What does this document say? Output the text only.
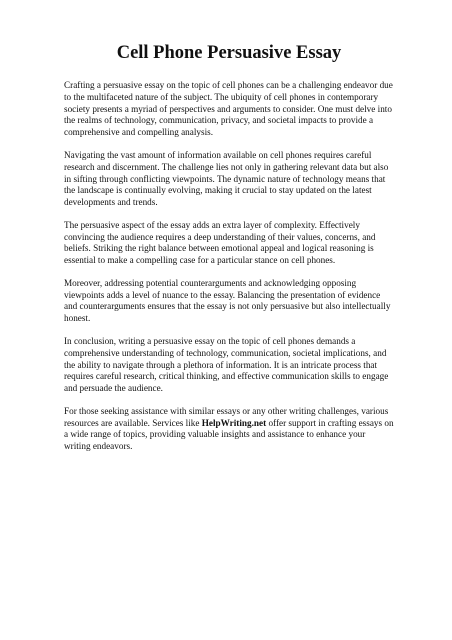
Cell Phone Persuasive Essay

Crafting a persuasive essay on the topic of cell phones can be a challenging endeavor due to the multifaceted nature of the subject. The ubiquity of cell phones in contemporary society presents a myriad of perspectives and arguments to consider. One must delve into the realms of technology, communication, privacy, and societal impacts to provide a comprehensive and compelling analysis.

Navigating the vast amount of information available on cell phones requires careful research and discernment. The challenge lies not only in gathering relevant data but also in sifting through conflicting viewpoints. The dynamic nature of technology means that the landscape is continually evolving, making it crucial to stay updated on the latest developments and trends.

The persuasive aspect of the essay adds an extra layer of complexity. Effectively convincing the audience requires a deep understanding of their values, concerns, and beliefs. Striking the right balance between emotional appeal and logical reasoning is essential to make a compelling case for a particular stance on cell phones.

Moreover, addressing potential counterarguments and acknowledging opposing viewpoints adds a level of nuance to the essay. Balancing the presentation of evidence and counterarguments ensures that the essay is not only persuasive but also intellectually honest.

In conclusion, writing a persuasive essay on the topic of cell phones demands a comprehensive understanding of technology, communication, societal implications, and the ability to navigate through a plethora of information. It is an intricate process that requires careful research, critical thinking, and effective communication skills to engage and persuade the audience.

For those seeking assistance with similar essays or any other writing challenges, various resources are available. Services like HelpWriting.net offer support in crafting essays on a wide range of topics, providing valuable insights and assistance to enhance your writing endeavors.
